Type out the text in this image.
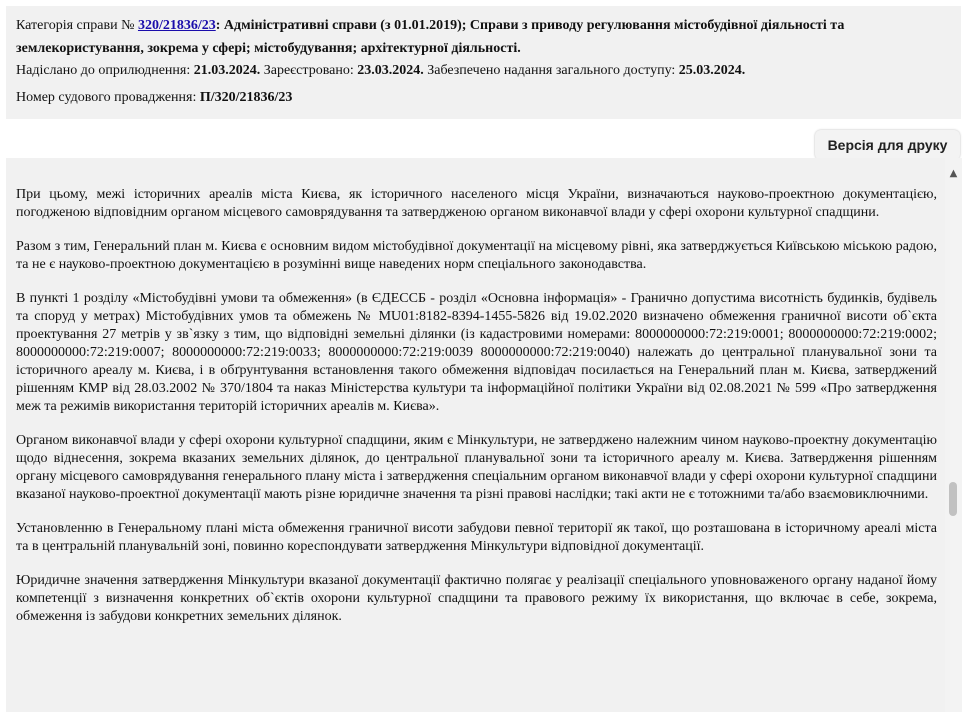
Категорія справи № 320/21836/23: Адміністративні справи (з 01.01.2019); Справи з приводу регулювання містобудівної діяльності та
землекористування, зокрема у сфері; містобудування; архітектурної діяльності.
Надіслано до оприлюднення: 21.03.2024. Зареєстровано: 23.03.2024. Забезпечено надання загального доступу: 25.03.2024.
Номер судового провадження: П/320/21836/23
Версія для друку

При цьому, межі історичних ареалів міста Києва, як історичного населеного місця України, визначаються науково-проектною документацією, погодженою відповідним органом місцевого самоврядування та затвердженою органом виконавчої влади у сфері охорони культурної спадщини.

Разом з тим, Генеральний план м. Києва є основним видом містобудівної документації на місцевому рівні, яка затверджується Київською міською радою, та не є науково-проектною документацією в розумінні вище наведених норм спеціального законодавства.

В пункті 1 розділу «Містобудівні умови та обмеження» (в ЄДЕССБ - розділ «Основна інформація» - Гранично допустима висотність будинків, будівель та споруд у метрах) Містобудівних умов та обмежень № MU01:8182-8394-1455-5826 від 19.02.2020 визначено обмеження граничної висоти об`єкта проектування 27 метрів у зв`язку з тим, що відповідні земельні ділянки (із кадастровими номерами: 8000000000:72:219:0001; 8000000000:72:219:0002; 8000000000:72:219:0007; 8000000000:72:219:0033; 8000000000:72:219:0039 8000000000:72:219:0040) належать до центральної планувальної зони та історичного ареалу м. Києва, і в обґрунтування встановлення такого обмеження відповідач посилається на Генеральний план м. Києва, затверджений рішенням КМР від 28.03.2002 № 370/1804 та наказ Міністерства культури та інформаційної політики України від 02.08.2021 № 599 «Про затвердження меж та режимів використання територій історичних ареалів м. Києва».

Органом виконавчої влади у сфері охорони культурної спадщини, яким є Мінкультури, не затверджено належним чином науково-проектну документацію щодо віднесення, зокрема вказаних земельних ділянок, до центральної планувальної зони та історичного ареалу м. Києва. Затвердження рішенням органу місцевого самоврядування генерального плану міста і затвердження спеціальним органом виконавчої влади у сфері охорони культурної спадщини вказаної науково-проектної документації мають різне юридичне значення та різні правові наслідки; такі акти не є тотожними та/або взаємовиключними.

Установленню в Генеральному плані міста обмеження граничної висоти забудови певної території як такої, що розташована в історичному ареалі міста та в центральній планувальній зоні, повинно кореспондувати затвердження Мінкультури відповідної документації.

Юридичне значення затвердження Мінкультури вказаної документації фактично полягає у реалізації спеціального уповноваженого органу наданої йому компетенції з визначення конкретних об`єктів охорони культурної спадщини та правового режиму їх використання, що включає в себе, зокрема, обмеження із забудови конкретних земельних ділянок.

▲
